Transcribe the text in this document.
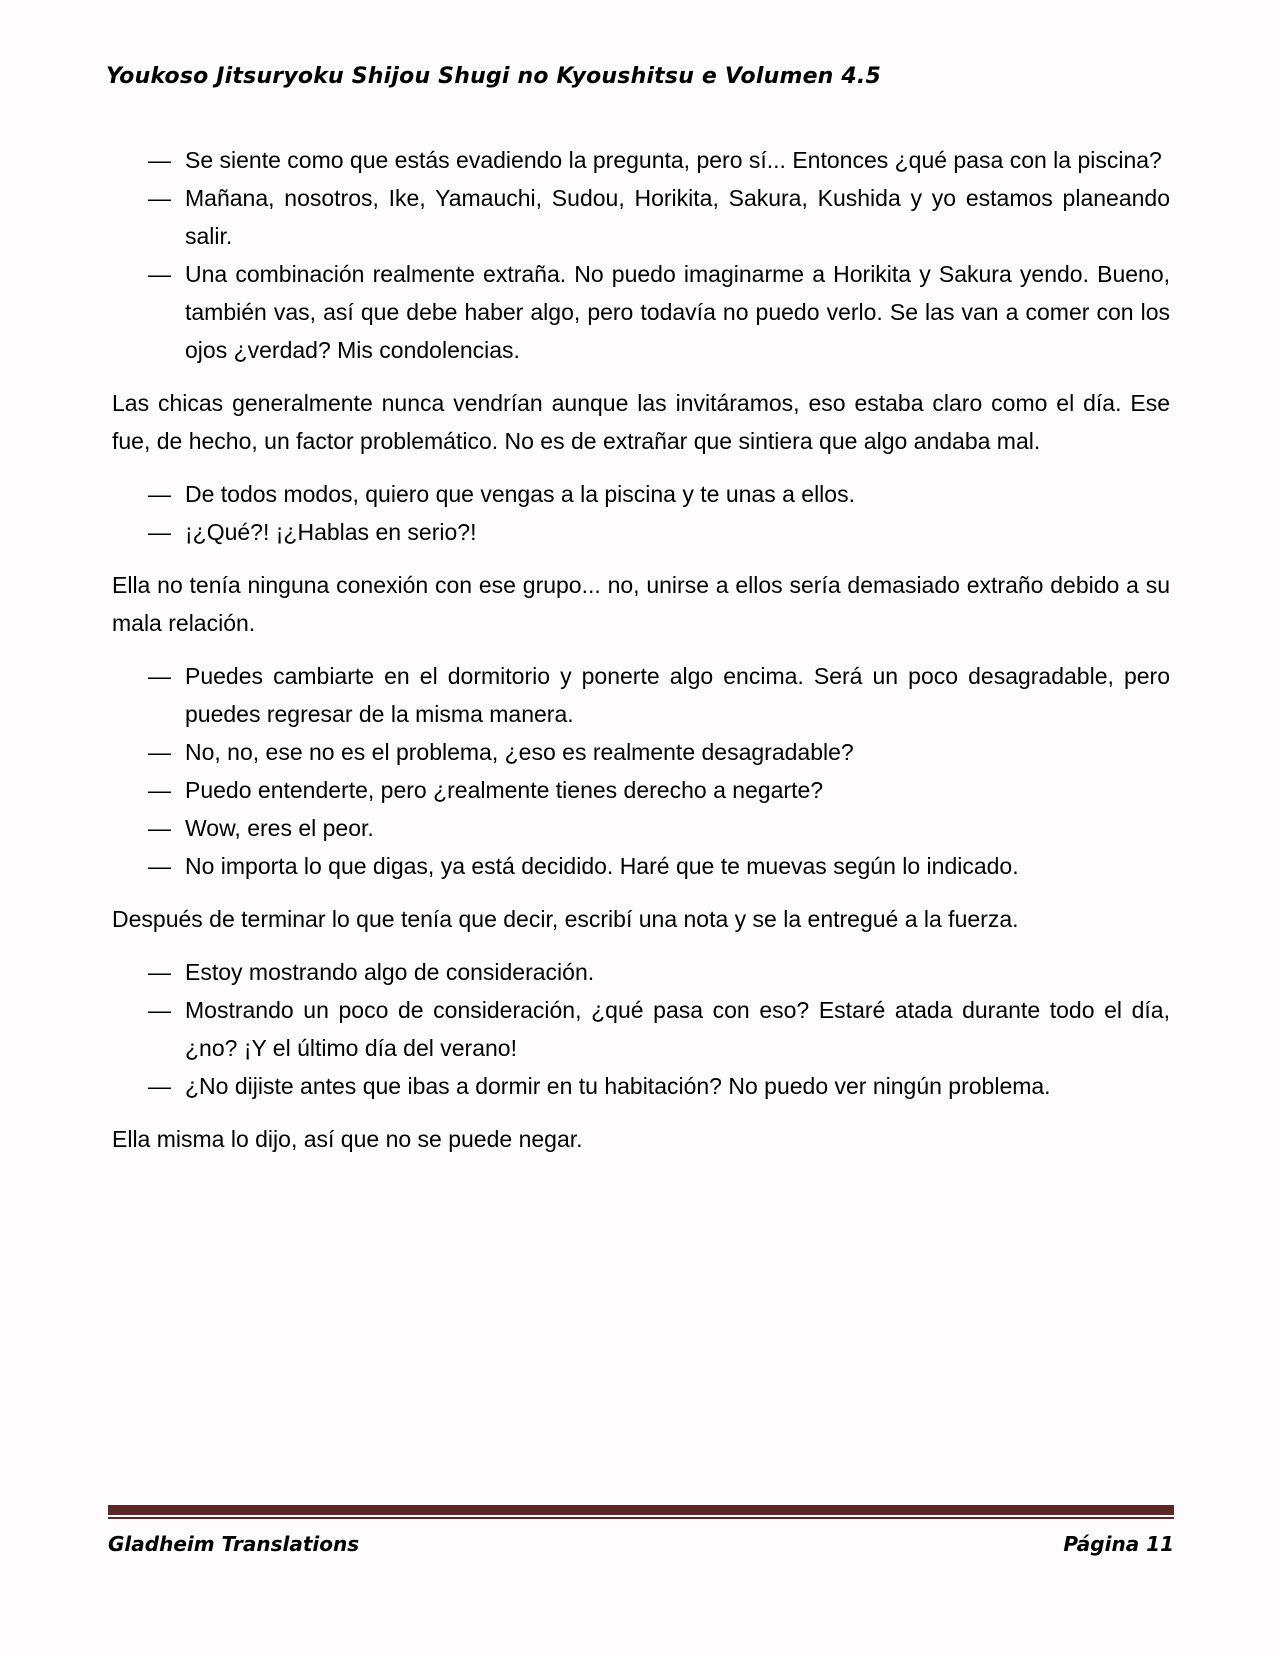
Youkoso Jitsuryoku Shijou Shugi no Kyoushitsu e Volumen 4.5
— Se siente como que estás evadiendo la pregunta, pero sí... Entonces ¿qué pasa con la piscina?
— Mañana, nosotros, Ike, Yamauchi, Sudou, Horikita, Sakura, Kushida y yo estamos planeando salir.
— Una combinación realmente extraña. No puedo imaginarme a Horikita y Sakura yendo. Bueno, también vas, así que debe haber algo, pero todavía no puedo verlo. Se las van a comer con los ojos ¿verdad? Mis condolencias.

Las chicas generalmente nunca vendrían aunque las invitáramos, eso estaba claro como el día. Ese fue, de hecho, un factor problemático. No es de extrañar que sintiera que algo andaba mal.

— De todos modos, quiero que vengas a la piscina y te unas a ellos.
— ¡¿Qué?! ¡¿Hablas en serio?!

Ella no tenía ninguna conexión con ese grupo... no, unirse a ellos sería demasiado extraño debido a su mala relación.

— Puedes cambiarte en el dormitorio y ponerte algo encima. Será un poco desagradable, pero puedes regresar de la misma manera.
— No, no, ese no es el problema, ¿eso es realmente desagradable?
— Puedo entenderte, pero ¿realmente tienes derecho a negarte?
— Wow, eres el peor.
— No importa lo que digas, ya está decidido. Haré que te muevas según lo indicado.

Después de terminar lo que tenía que decir, escribí una nota y se la entregué a la fuerza.

— Estoy mostrando algo de consideración.
— Mostrando un poco de consideración, ¿qué pasa con eso? Estaré atada durante todo el día, ¿no? ¡Y el último día del verano!
— ¿No dijiste antes que ibas a dormir en tu habitación? No puedo ver ningún problema.

Ella misma lo dijo, así que no se puede negar.

Gladheim Translations	Página 11
